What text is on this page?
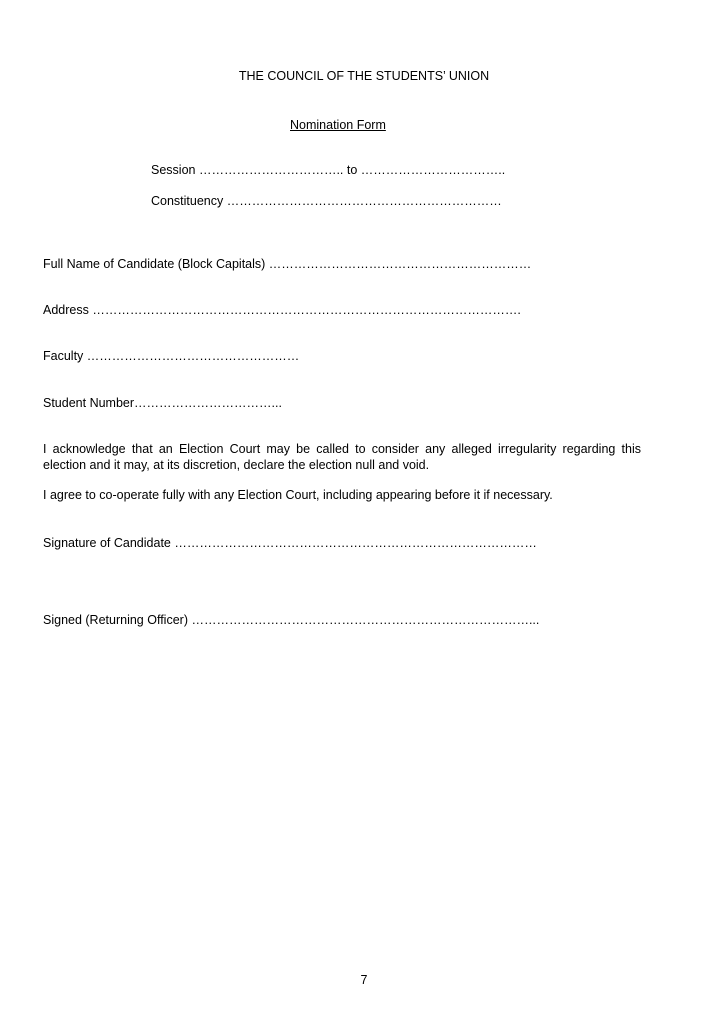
THE COUNCIL OF THE STUDENTS’ UNION
Nomination Form
Session …………………………….. to ……………………………..
Constituency …………………………………………………………
Full Name of Candidate (Block Capitals) ………………………………………………………
Address ………………………………………………………………………………………….
Faculty ……………………………………………
Student Number……………………………...
I acknowledge that an Election Court may be called to consider any alleged irregularity regarding this election and it may, at its discretion, declare the election null and void.
I agree to co-operate fully with any Election Court, including appearing before it if necessary.
Signature of Candidate ……………………………………………………………………………
Signed (Returning Officer) ………………………………………………………………………...
7
